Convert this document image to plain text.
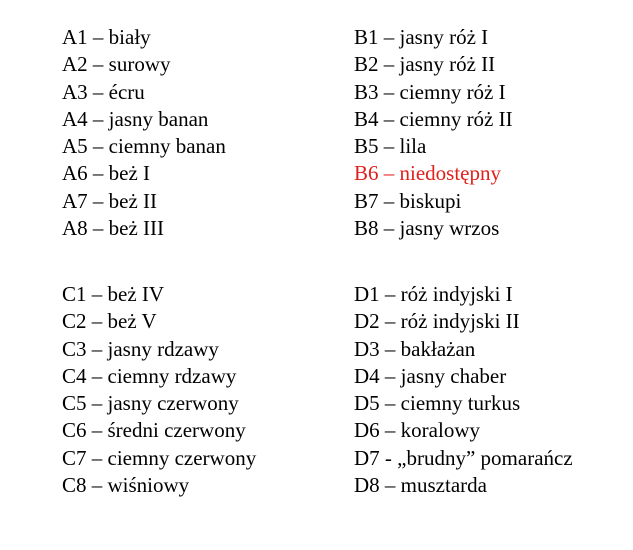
A1 – biały
A2 – surowy
A3 – écru
A4 – jasny banan
A5 – ciemny banan
A6 – beż I
A7 – beż II
A8 – beż III
B1 – jasny róż I
B2 – jasny róż II
B3 – ciemny róż I
B4 – ciemny róż II
B5 – lila
B6 – niedostępny
B7 – biskupi
B8 – jasny wrzos
C1 – beż IV
C2 – beż V
C3 – jasny rdzawy
C4 – ciemny rdzawy
C5 – jasny czerwony
C6 – średni czerwony
C7 – ciemny czerwony
C8 – wiśniowy
D1 – róż indyjski I
D2 – róż indyjski II
D3 – bakłażan
D4 – jasny chaber
D5 – ciemny turkus
D6 – koralowy
D7 - „brudny” pomarańcz
D8 – musztarda
